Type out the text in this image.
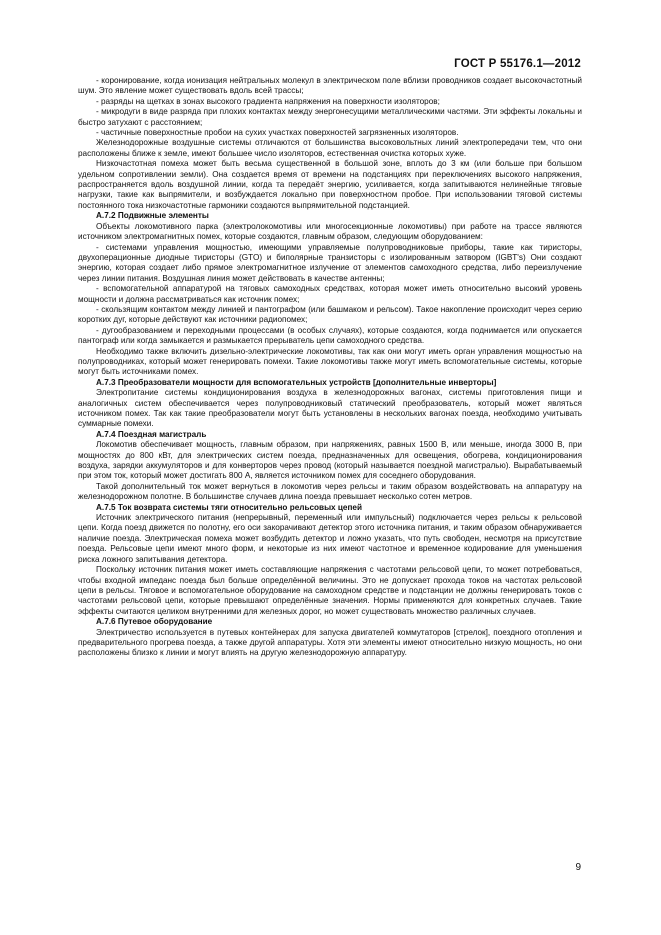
ГОСТ Р 55176.1—2012

- коронирование, когда ионизация нейтральных молекул в электрическом поле вблизи проводников создает высокочастотный шум. Это явление может существовать вдоль всей трассы;

- разряды на щетках в зонах высокого градиента напряжения на поверхности изоляторов;

- микродуги в виде разряда при плохих контактах между энергонесущими металлическими частями. Эти эффекты локальны и быстро затухают с расстоянием;

- частичные поверхностные пробои на сухих участках поверхностей загрязненных изоляторов.

Железнодорожные воздушные системы отличаются от большинства высоковольтных линий электропередачи тем, что они расположены ближе к земле, имеют большее число изоляторов, естественная очистка которых хуже.

Низкочастотная помеха может быть весьма существенной в большой зоне, вплоть до 3 км (или больше при большом удельном сопротивлении земли). Она создается время от времени на подстанциях при переключениях высокого напряжения, распространяется вдоль воздушной линии, когда та передаёт энергию, усиливается, когда запитываются нелинейные тяговые нагрузки, такие как выпрямители, и возбуждается локально при поверхностном пробое. При использовании тяговой системы постоянного тока низкочастотные гармоники создаются выпрямительной подстанцией.

А.7.2 Подвижные элементы

Объекты локомотивного парка (электролокомотивы или многосекционные локомотивы) при работе на трассе являются источником электромагнитных помех, которые создаются, главным образом, следующим оборудованием:

- системами управления мощностью, имеющими управляемые полупроводниковые приборы, такие как тиристоры, двухоперационные диодные тиристоры (GTO) и биполярные транзисторы с изолированным затвором (IGBT's) Они создают энергию, которая создает либо прямое электромагнитное излучение от элементов самоходного средства, либо переизлучение через линии питания. Воздушная линия может действовать в качестве антенны;

- вспомогательной аппаратурой на тяговых самоходных средствах, которая может иметь относительно высокий уровень мощности и должна рассматриваться как источник помех;

- скользящим контактом между линией и пантографом (или башмаком и рельсом). Такое накопление происходит через серию коротких дуг, которые действуют как источники радиопомех;

- дугообразованием и переходными процессами (в особых случаях), которые создаются, когда поднимается или опускается пантограф или когда замыкается и размыкается прерыватель цепи самоходного средства.

Необходимо также включить дизельно-электрические локомотивы, так как они могут иметь орган управления мощностью на полупроводниках, который может генерировать помехи. Такие локомотивы также могут иметь вспомогательные системы, которые могут быть источниками помех.

А.7.3 Преобразователи мощности для вспомогательных устройств [дополнительные инверторы]

Электропитание системы кондиционирования воздуха в железнодорожных вагонах, системы приготовления пищи и аналогичных систем обеспечивается через полупроводниковый статический преобразователь, который может являться источником помех. Так как такие преобразователи могут быть установлены в нескольких вагонах поезда, необходимо учитывать суммарные помехи.

А.7.4 Поездная магистраль

Локомотив обеспечивает мощность, главным образом, при напряжениях, равных 1500 В, или меньше, иногда 3000 В, при мощностях до 800 кВт, для электрических систем поезда, предназначенных для освещения, обогрева, кондиционирования воздуха, зарядки аккумуляторов и для конверторов через провод (который называется поездной магистралью). Вырабатываемый при этом ток, который может достигать 800 А, является источником помех для соседнего оборудования.

Такой дополнительный ток может вернуться в локомотив через рельсы и таким образом воздействовать на аппаратуру на железнодорожном полотне. В большинстве случаев длина поезда превышает несколько сотен метров.

А.7.5 Ток возврата системы тяги относительно рельсовых цепей

Источник электрического питания (непрерывный, переменный или импульсный) подключается через рельсы к рельсовой цепи. Когда поезд движется по полотну, его оси закорачивают детектор этого источника питания, и таким образом обнаруживается наличие поезда. Электрическая помеха может возбудить детектор и ложно указать, что путь свободен, несмотря на присутствие поезда. Рельсовые цепи имеют много форм, и некоторые из них имеют частотное и временное кодирование для уменьшения риска ложного запитывания детектора.

Поскольку источник питания может иметь составляющие напряжения с частотами рельсовой цепи, то может потребоваться, чтобы входной импеданс поезда был больше определённой величины. Это не допускает прохода токов на частотах рельсовой цепи в рельсы. Тяговое и вспомогательное оборудование на самоходном средстве и подстанции не должны генерировать токов с частотами рельсовой цепи, которые превышают определённые значения. Нормы применяются для конкретных случаев. Такие эффекты считаются целиком внутренними для железных дорог, но может существовать множество различных случаев.

А.7.6 Путевое оборудование

Электричество используется в путевых контейнерах для запуска двигателей коммутаторов [стрелок], поездного отопления и предварительного прогрева поезда, а также другой аппаратуры. Хотя эти элементы имеют относительно низкую мощность, но они расположены близко к линии и могут влиять на другую железнодорожную аппаратуру.

9
